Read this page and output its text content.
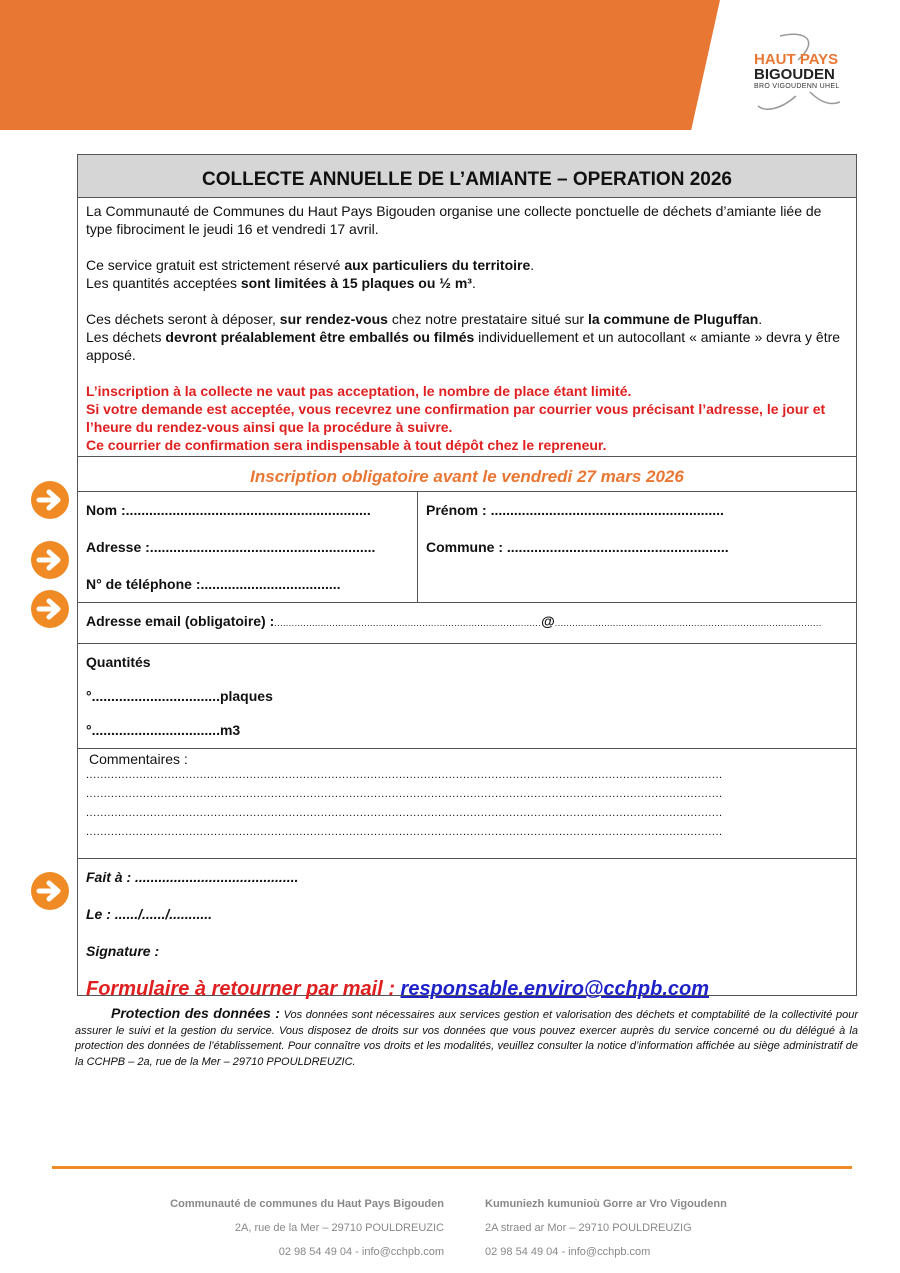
HAUT PAYS
BIGOUDEN
BRO VIGOUDENN UHEL
COLLECTE ANNUELLE DE L’AMIANTE – OPERATION 2026

La Communauté de Communes du Haut Pays Bigouden organise une collecte ponctuelle de déchets d’amiante liée de type fibrociment le jeudi 16 et vendredi 17 avril.

Ce service gratuit est strictement réservé aux particuliers du territoire.

Les quantités acceptées sont limitées à 15 plaques ou ½ m³.

Ces déchets seront à déposer, sur rendez-vous chez notre prestataire situé sur la commune de Pluguffan.

Les déchets devront préalablement être emballés ou filmés individuellement et un autocollant « amiante » devra y être apposé.

L’inscription à la collecte ne vaut pas acceptation, le nombre de place étant limité.

Si votre demande est acceptée, vous recevrez une confirmation par courrier vous précisant l’adresse, le jour et l’heure du rendez-vous ainsi que la procédure à suivre.

Ce courrier de confirmation sera indispensable à tout dépôt chez le repreneur.

Inscription obligatoire avant le vendredi 27 mars 2026
Nom :...............................................................
Adresse :..........................................................
N° de téléphone :....................................
Prénom : ............................................................
Commune : .........................................................
Adresse email (obligatoire) :............................................................................................@............................................................................................
Quantités
°.................................plaques
°.................................m3
Commentaires :
...................................................................................................................................................................................
...................................................................................................................................................................................
...................................................................................................................................................................................
...................................................................................................................................................................................
Fait à : ..........................................
Le : ....../....../...........
Signature :
Formulaire à retourner par mail : responsable.enviro@cchpb.com
Protection des données : Vos données sont nécessaires aux services gestion et valorisation des déchets et comptabilité de la collectivité pour assurer le suivi et la gestion du service. Vous disposez de droits sur vos données que vous pouvez exercer auprès du service concerné ou du délégué à la protection des données de l’établissement. Pour connaître vos droits et les modalités, veuillez consulter la notice d’information affichée au siège administratif de la CCHPB – 2a, rue de la Mer – 29710 PPOULDREUZIC.
Communauté de communes du Haut Pays Bigouden
2A, rue de la Mer – 29710 POULDREUZIC
02 98 54 49 04 - info@cchpb.com
Kumuniezh kumunioù Gorre ar Vro Vigoudenn
2A straed ar Mor – 29710 POULDREUZIG
02 98 54 49 04 - info@cchpb.com
